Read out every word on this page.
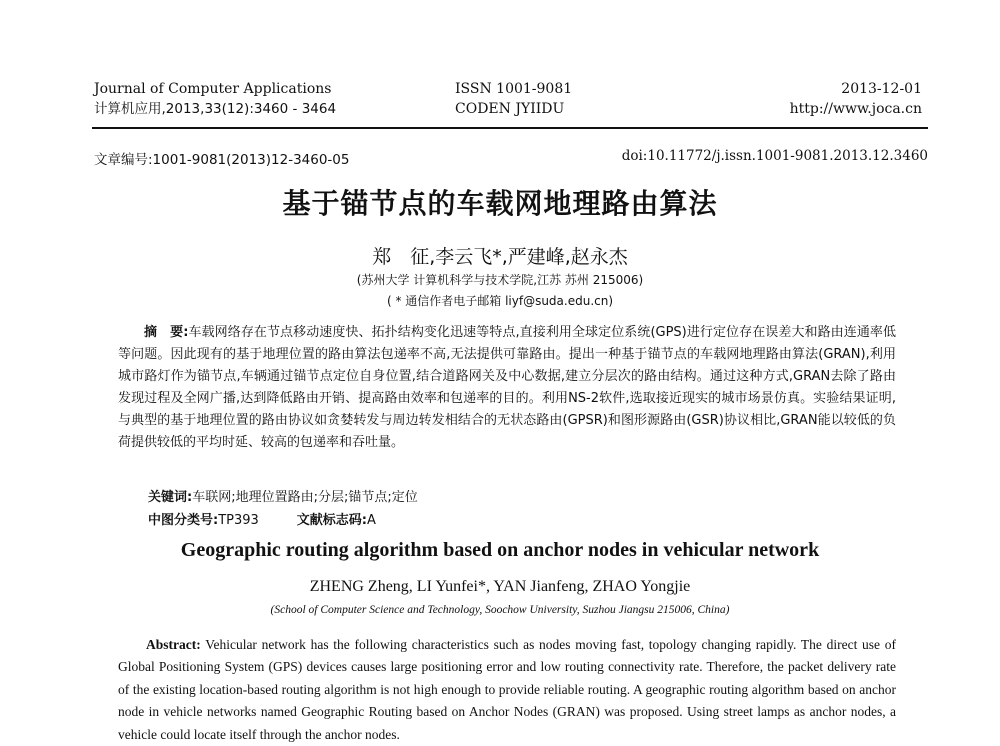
Journal of Computer Applications
计算机应用,2013,33(12):3460 - 3464
ISSN 1001-9081
CODEN JYIIDU
2013-12-01
http://www.joca.cn
文章编号:1001-9081(2013)12-3460-05	doi:10.11772/j.issn.1001-9081.2013.12.3460
基于锚节点的车载网地理路由算法
郑　征,李云飞*,严建峰,赵永杰
(苏州大学 计算机科学与技术学院,江苏 苏州 215006)
( * 通信作者电子邮箱 liyf@suda.edu.cn)
摘　要:车载网络存在节点移动速度快、拓扑结构变化迅速等特点,直接利用全球定位系统(GPS)进行定位存在误差大和路由连通率低等问题。因此现有的基于地理位置的路由算法包递率不高,无法提供可靠路由。提出一种基于锚节点的车载网地理路由算法(GRAN),利用城市路灯作为锚节点,车辆通过锚节点定位自身位置,结合道路网关及中心数据,建立分层次的路由结构。通过这种方式,GRAN去除了路由发现过程及全网广播,达到降低路由开销、提高路由效率和包递率的目的。利用NS-2软件,选取接近现实的城市场景仿真。实验结果证明,与典型的基于地理位置的路由协议如贪婪转发与周边转发相结合的无状态路由(GPSR)和图形源路由(GSR)协议相比,GRAN能以较低的负荷提供较低的平均时延、较高的包递率和吞吐量。
关键词:车联网;地理位置路由;分层;锚节点;定位
中图分类号:TP393	文献标志码:A
Geographic routing algorithm based on anchor nodes in vehicular network
ZHENG Zheng, LI Yunfei*, YAN Jianfeng, ZHAO Yongjie
(School of Computer Science and Technology, Soochow University, Suzhou Jiangsu 215006, China)
Abstract: Vehicular network has the following characteristics such as nodes moving fast, topology changing rapidly. The direct use of Global Positioning System (GPS) devices causes large positioning error and low routing connectivity rate. Therefore, the packet delivery rate of the existing location-based routing algorithm is not high enough to provide reliable routing. A geographic routing algorithm based on anchor node in vehicle networks named Geographic Routing based on Anchor Nodes (GRAN) was proposed. Using street lamps as anchor nodes, a vehicle could locate itself through the anchor nodes.
